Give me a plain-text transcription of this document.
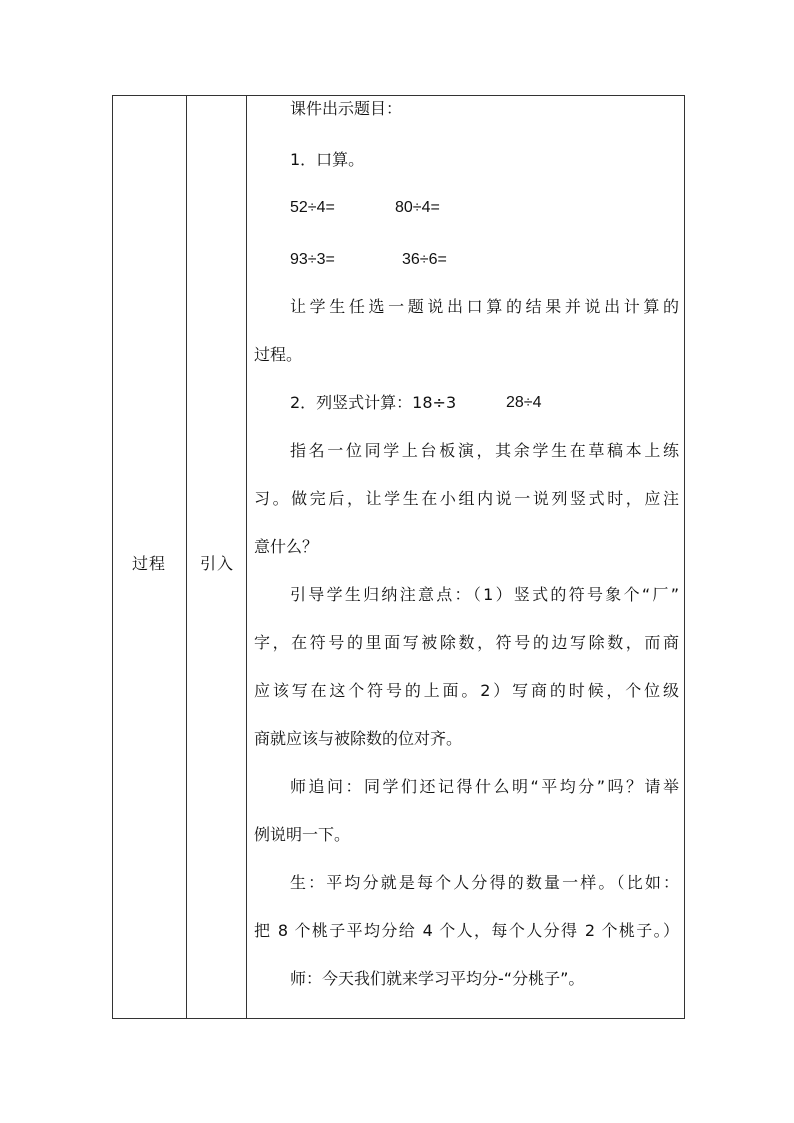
过程 引入
课件出示题目：
1．口算。
52÷4=	80÷4=
93÷3=	36÷6=
让学生任选一题说出口算的结果并说出计算的
过程。
2．列竖式计算：18÷3	28÷4
指名一位同学上台板演，其余学生在草稿本上练
习。做完后，让学生在小组内说一说列竖式时，应注
意什么？
引导学生归纳注意点：（1）竖式的符号象个“厂”
字，在符号的里面写被除数，符号的边写除数，而商
应该写在这个符号的上面。2）写商的时候，个位级
商就应该与被除数的位对齐。
师追问：同学们还记得什么明“平均分”吗？请举
例说明一下。
生：平均分就是每个人分得的数量一样。（比如：
把 8 个桃子平均分给 4 个人，每个人分得 2 个桃子。）
师：今天我们就来学习平均分-“分桃子”。
